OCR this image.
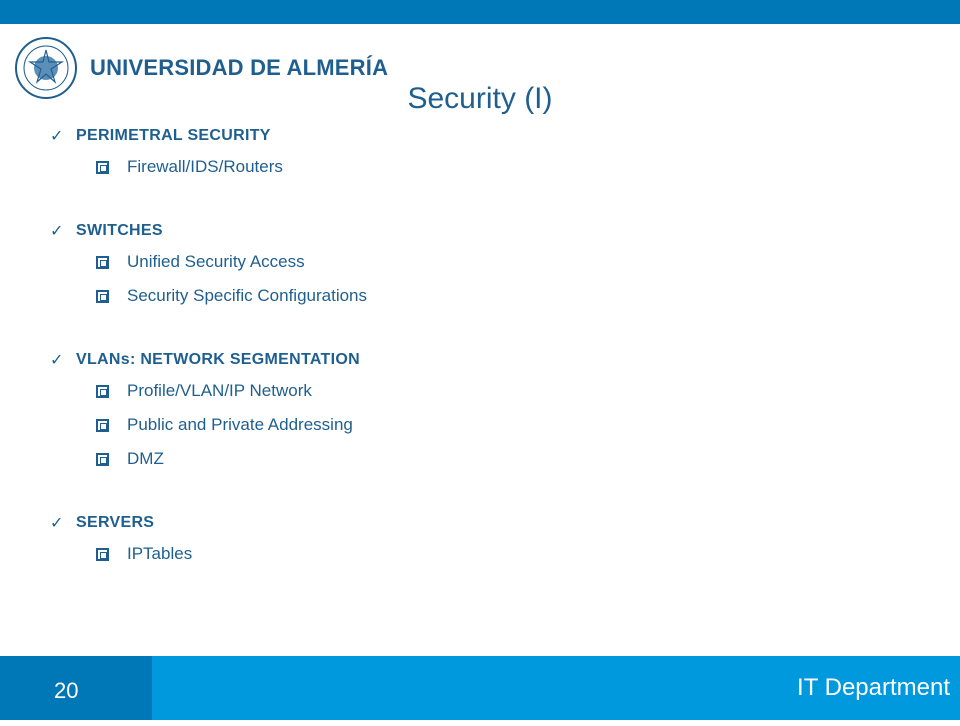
UNIVERSIDAD DE ALMERÍA
Security (I)
✓ PERIMETRAL SECURITY
Firewall/IDS/Routers
✓ SWITCHES
Unified Security Access
Security Specific Configurations
✓ VLANs: NETWORK SEGMENTATION
Profile/VLAN/IP Network
Public and Private Addressing
DMZ
✓ SERVERS
IPTables
20	IT Department
